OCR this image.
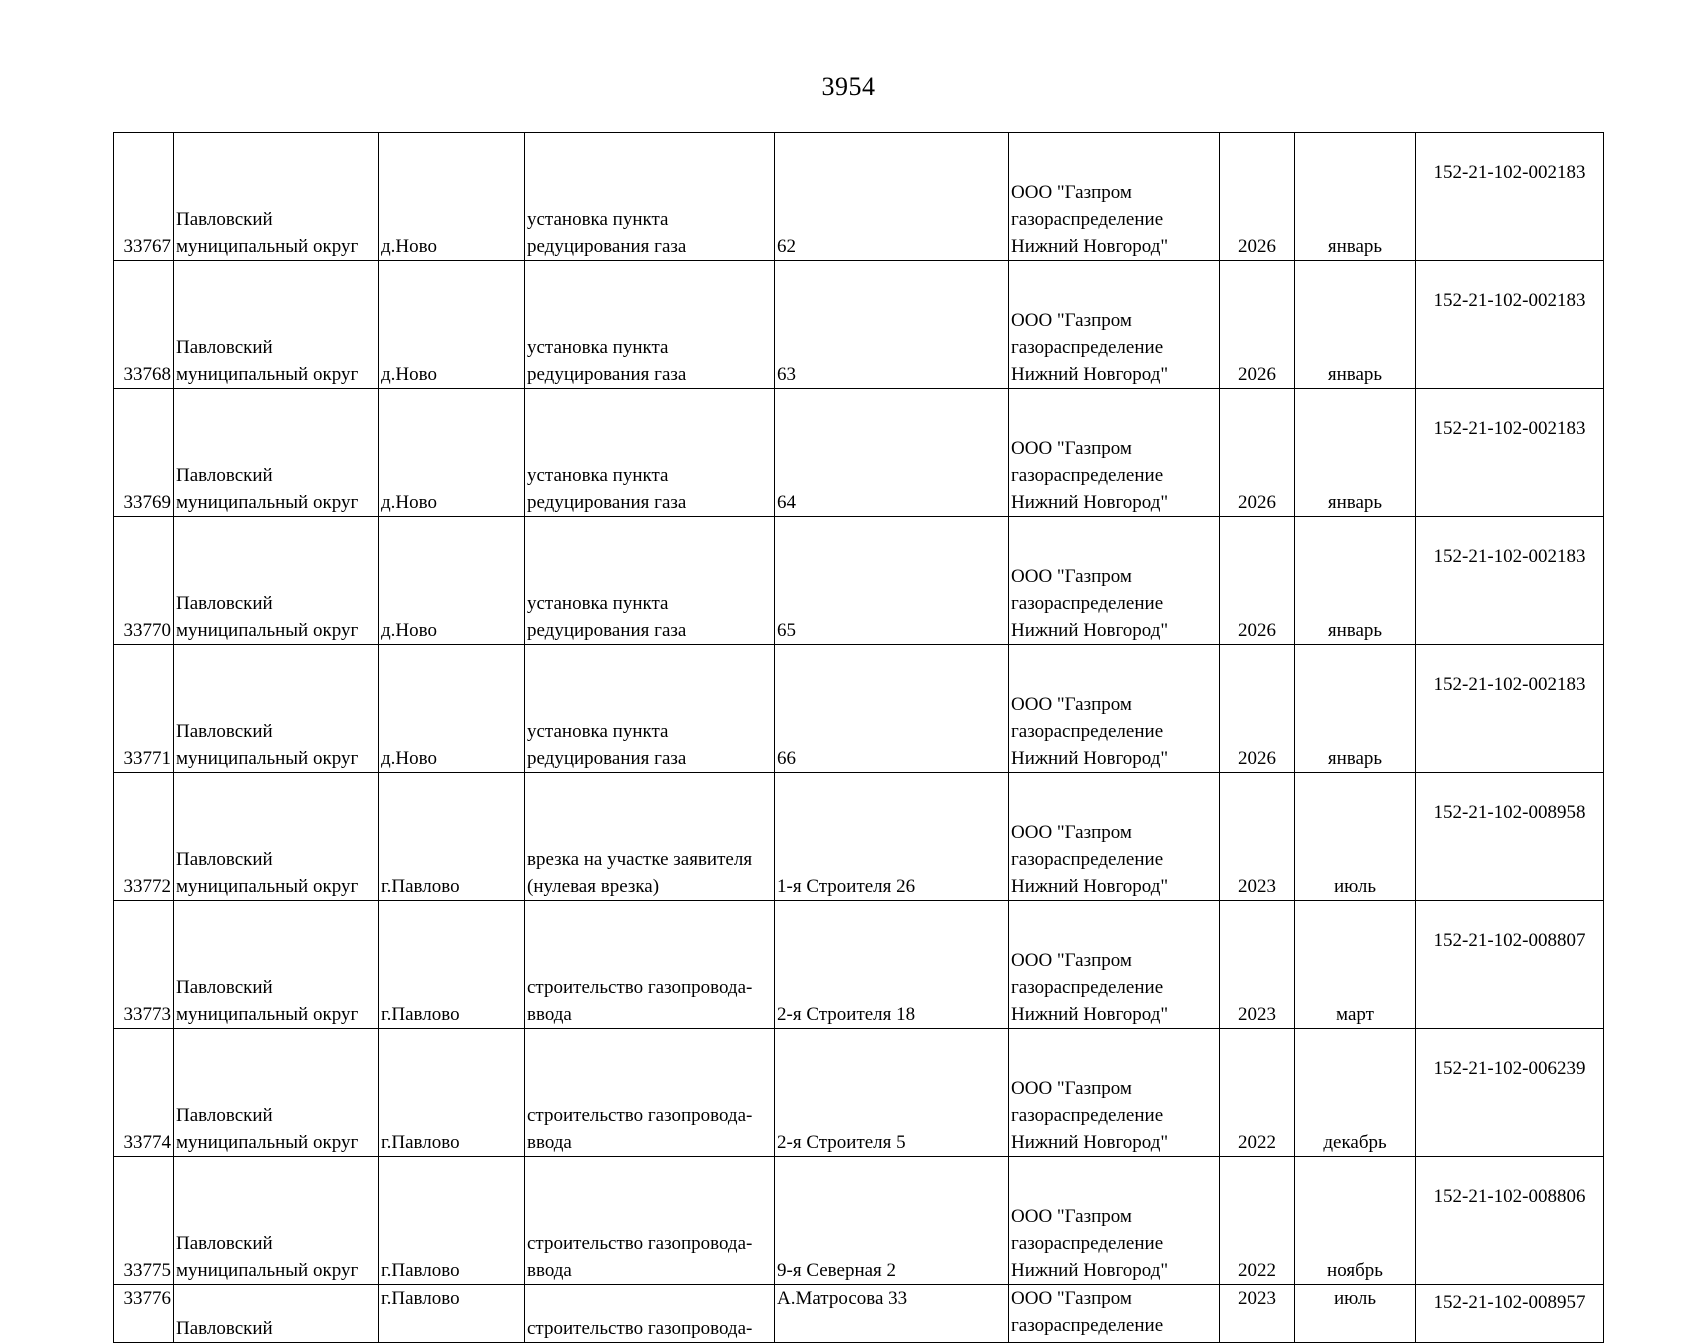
3954
33767	Павловский
муниципальный округ	д.Ново	установка пункта
редуцирования газа	62	ООО "Газпром
газораспределение
Нижний Новгород"	2026	январь	152-21-102-002183

33768	Павловский
муниципальный округ	д.Ново	установка пункта
редуцирования газа	63	ООО "Газпром
газораспределение
Нижний Новгород"	2026	январь	152-21-102-002183

33769	Павловский
муниципальный округ	д.Ново	установка пункта
редуцирования газа	64	ООО "Газпром
газораспределение
Нижний Новгород"	2026	январь	152-21-102-002183

33770	Павловский
муниципальный округ	д.Ново	установка пункта
редуцирования газа	65	ООО "Газпром
газораспределение
Нижний Новгород"	2026	январь	152-21-102-002183

33771	Павловский
муниципальный округ	д.Ново	установка пункта
редуцирования газа	66	ООО "Газпром
газораспределение
Нижний Новгород"	2026	январь	152-21-102-002183

33772	Павловский
муниципальный округ	г.Павлово	врезка на участке заявителя
(нулевая врезка)	1-я Строителя 26	ООО "Газпром
газораспределение
Нижний Новгород"	2023	июль	152-21-102-008958

33773	Павловский
муниципальный округ	г.Павлово	строительство газопровода-
ввода	2-я Строителя 18	ООО "Газпром
газораспределение
Нижний Новгород"	2023	март	152-21-102-008807

33774	Павловский
муниципальный округ	г.Павлово	строительство газопровода-
ввода	2-я Строителя 5	ООО "Газпром
газораспределение
Нижний Новгород"	2022	декабрь	152-21-102-006239

33775	Павловский
муниципальный округ	г.Павлово	строительство газопровода-
ввода	9-я Северная 2	ООО "Газпром
газораспределение
Нижний Новгород"	2022	ноябрь	152-21-102-008806

33776	Павловский	г.Павлово	строительство газопровода-	А.Матросова 33	ООО "Газпром
газораспределение	2023	июль	152-21-102-008957
